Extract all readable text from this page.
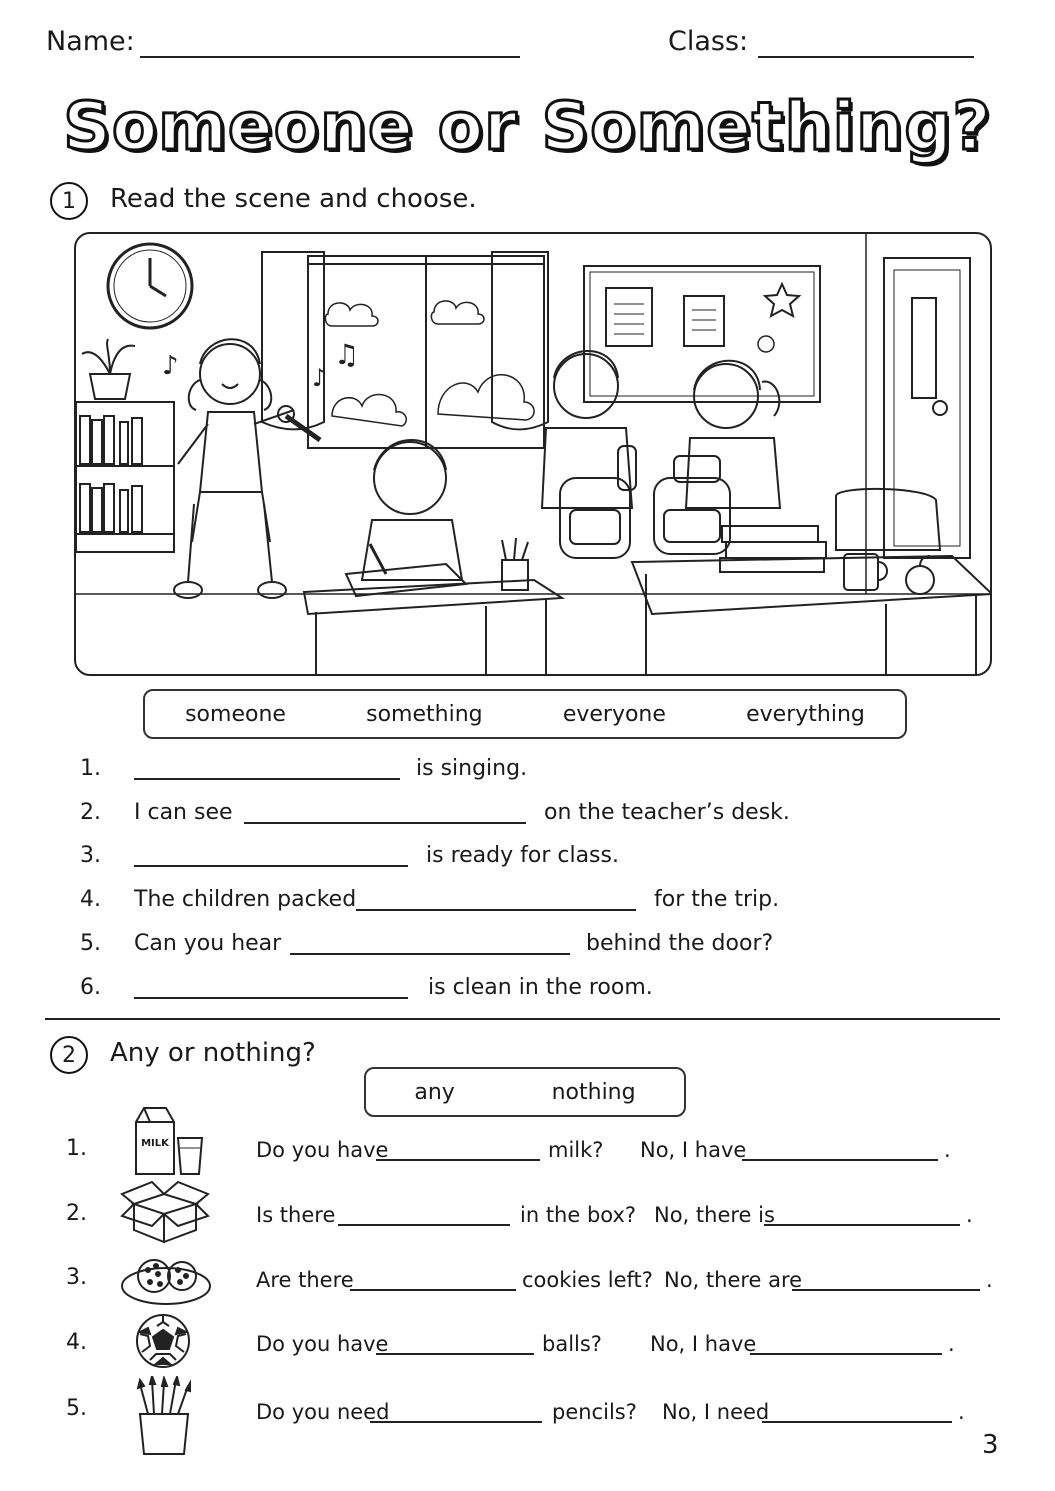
Name:	Class:
Someone or Something?
1	Read the scene and choose.
♪	♪
♫
someone	something	everyone	everything
1.	is singing.
2. I can see	on the teacher’s desk.
3.	is ready for class.
4. The children packed	for the trip.
5. Can you hear	behind the door?
6.	is clean in the room.
2	Any or nothing?
any	nothing
1.	MILK	Do you have	milk? No, I have	.
2.	Is there	in the box? No, there is	.
3.	Are there	cookies left? No, there are	.
4.	Do you have	balls? No, I have	.
5.	Do you need	pencils? No, I need	.
3
